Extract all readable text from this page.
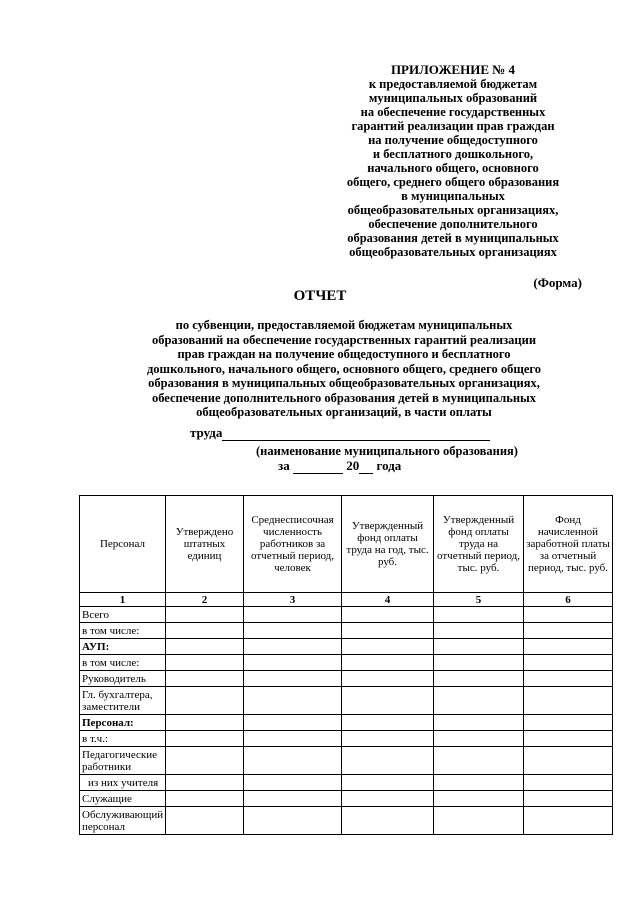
ПРИЛОЖЕНИЕ № 4
к предоставляемой бюджетам
муниципальных образований
на обеспечение государственных
гарантий реализации прав граждан
на получение общедоступного
и бесплатного дошкольного,
начального общего, основного
общего, среднего общего образования
в муниципальных
общеобразовательных организациях,
обеспечение дополнительного
образования детей в муниципальных
общеобразовательных организациях
(Форма)
ОТЧЕТ
по субвенции, предоставляемой бюджетам муниципальных
образований на обеспечение государственных гарантий реализации
прав граждан на получение общедоступного и бесплатного
дошкольного, начального общего, основного общего, среднего общего
образования в муниципальных общеобразовательных организациях,
обеспечение дополнительного образования детей в муниципальных
общеобразовательных организаций, в части оплаты
труда
(наименование муниципального образования)
за	20 года
Персонал	Утверждено штатных единиц	Среднесписочная численность работников за отчетный период, человек	Утвержденный фонд оплаты труда на год, тыс. руб.	Утвержденный фонд оплаты труда на отчетный период, тыс. руб.	Фонд начисленной заработной платы за отчетный период, тыс. руб.
1	2	3	4	5	6
Всего					
в том числе:					
АУП:					
в том числе:					
Руководитель					
Гл. бухгалтера, заместители					
Персонал:					
в т.ч.:					
Педагогические работники					
из них учителя					
Служащие					
Обслуживающий персонал					
